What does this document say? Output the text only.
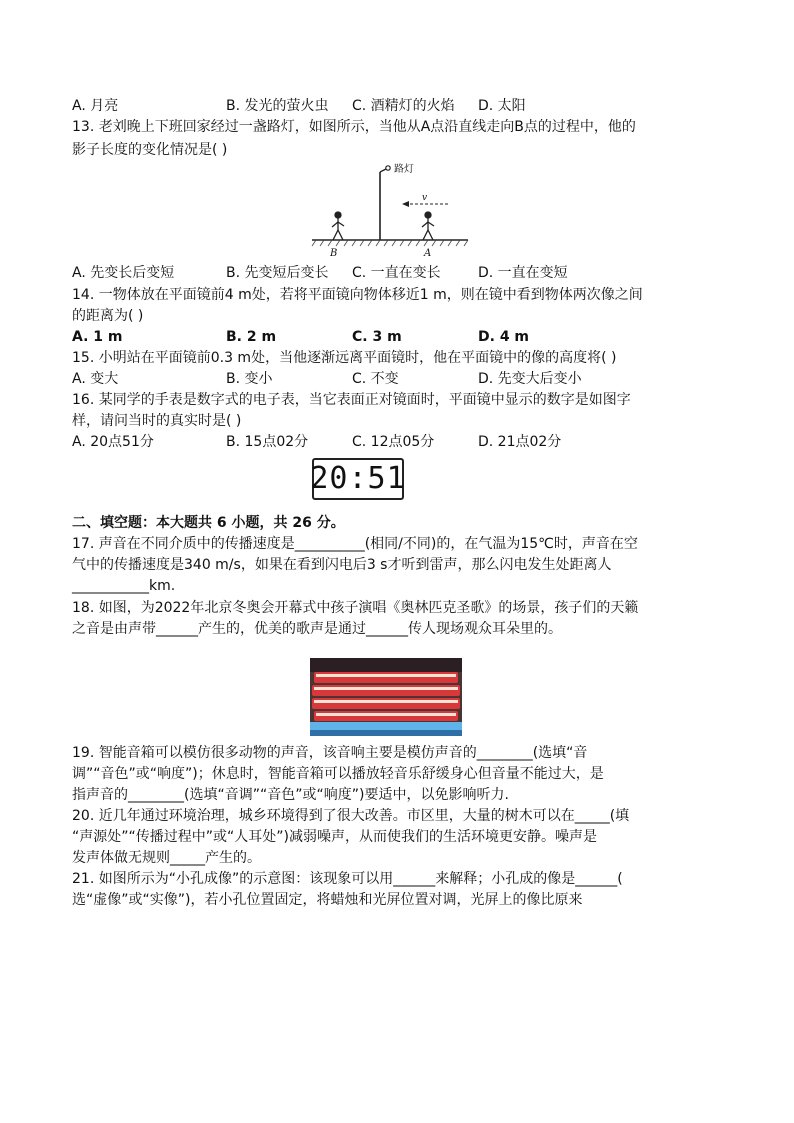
A. 月亮	B. 发光的萤火虫 C. 酒精灯的火焰 D. 太阳
13. 老刘晚上下班回家经过一盏路灯，如图所示，当他从A点沿直线走向B点的过程中，他的
影子长度的变化情况是( )
路灯
v
B	A
A. 先变长后变短	B. 先变短后变长 C. 一直在变长	D. 一直在变短
14. 一物体放在平面镜前4 m处，若将平面镜向物体移近1 m，则在镜中看到物体两次像之间
的距离为( )
A. 1 m	B. 2 m	C. 3 m	D. 4 m
15. 小明站在平面镜前0.3 m处，当他逐渐远离平面镜时，他在平面镜中的像的高度将( )
A. 变大	B. 变小	C. 不变	D. 先变大后变小
16. 某同学的手表是数字式的电子表，当它表面正对镜面时，平面镜中显示的数字是如图字
样，请问当时的真实时是( )
A. 20点51分	B. 15点02分	C. 12点05分	D. 21点02分
20:51
二、填空题：本大题共 6 小题，共 26 分。
17. 声音在不同介质中的传播速度是__________(相同/不同)的，在气温为15℃时，声音在空
气中的传播速度是340 m/s，如果在看到闪电后3 s才听到雷声，那么闪电发生处距离人
___________km.
18. 如图，为2022年北京冬奥会开幕式中孩子演唱《奥林匹克圣歌》的场景，孩子们的天籁
之音是由声带______产生的，优美的歌声是通过______传人现场观众耳朵里的。
19. 智能音箱可以模仿很多动物的声音，该音响主要是模仿声音的________(选填“音
调”“音色”或“响度”)；休息时，智能音箱可以播放轻音乐舒缓身心但音量不能过大，是
指声音的________(选填“音调”“音色”或“响度”)要适中，以免影响听力.
20. 近几年通过环境治理，城乡环境得到了很大改善。市区里，大量的树木可以在_____(填
“声源处”“传播过程中”或“人耳处”)减弱噪声，从而使我们的生活环境更安静。噪声是
发声体做无规则_____产生的。
21. 如图所示为“小孔成像”的示意图：该现象可以用______来解释；小孔成的像是______(
选“虚像”或“实像”)，若小孔位置固定，将蜡烛和光屏位置对调，光屏上的像比原来
